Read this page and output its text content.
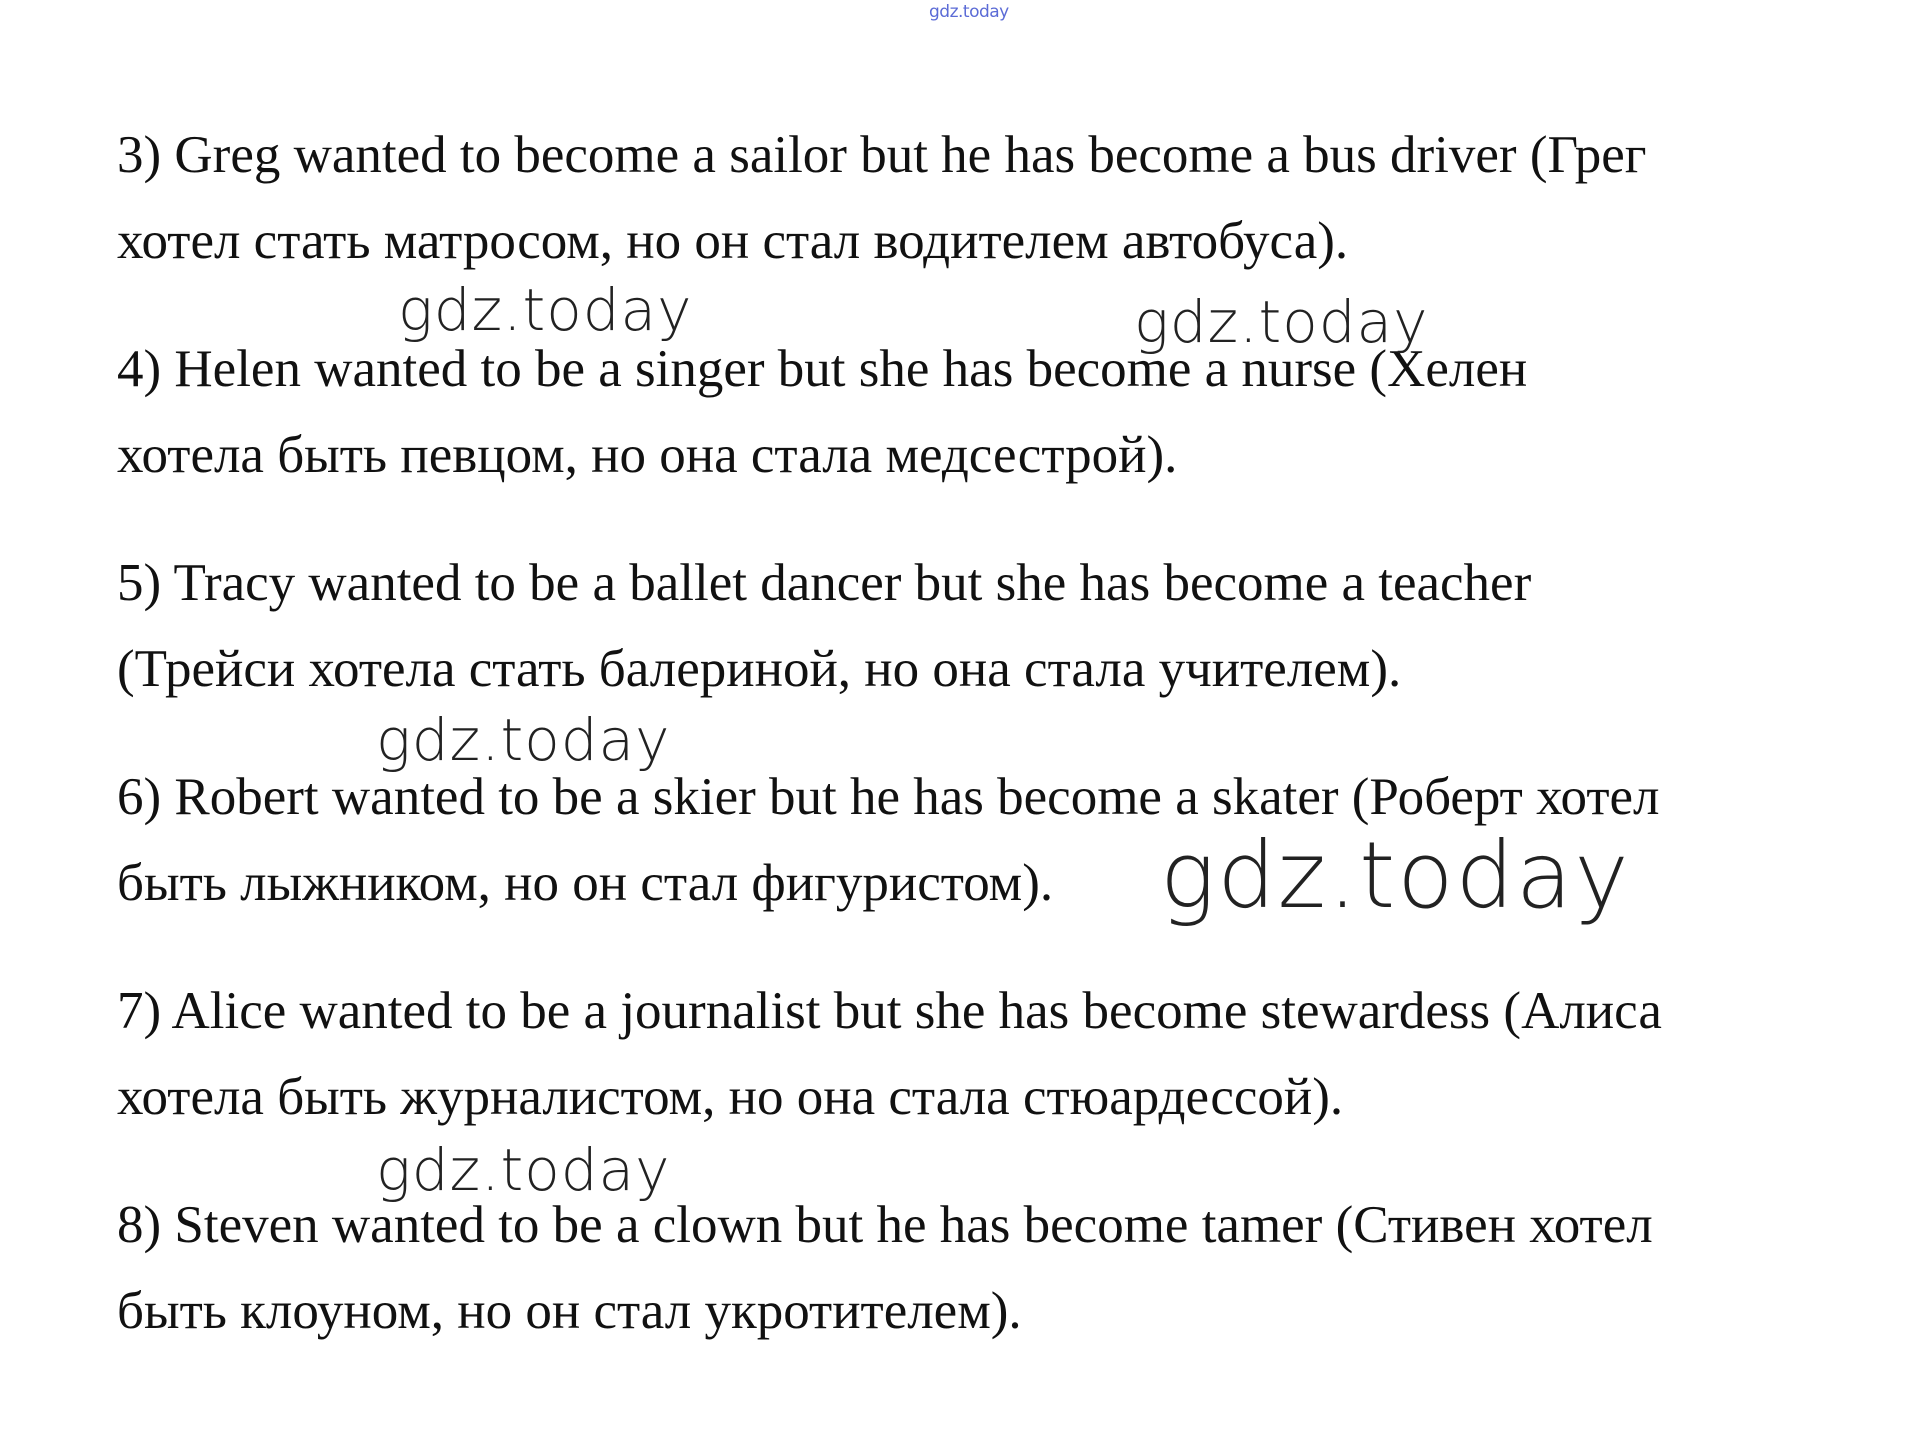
gdz.today
3) Greg wanted to become a sailor but he has become a bus driver (Грег
хотел стать матросом, но он стал водителем автобуса).
4) Helen wanted to be a singer but she has become a nurse (Хелен
хотела быть певцом, но она стала медсестрой).
5) Tracy wanted to be a ballet dancer but she has become a teacher
(Трейси хотела стать балериной, но она стала учителем).
6) Robert wanted to be a skier but he has become a skater (Роберт хотел
быть лыжником, но он стал фигуристом).
7) Alice wanted to be a journalist but she has become stewardess (Алиса
хотела быть журналистом, но она стала стюардессой).
8) Steven wanted to be a clown but he has become tamer (Стивен хотел
быть клоуном, но он стал укротителем).
gdz.today	gdz.today
gdz.today
gdz.today
gdz.today
